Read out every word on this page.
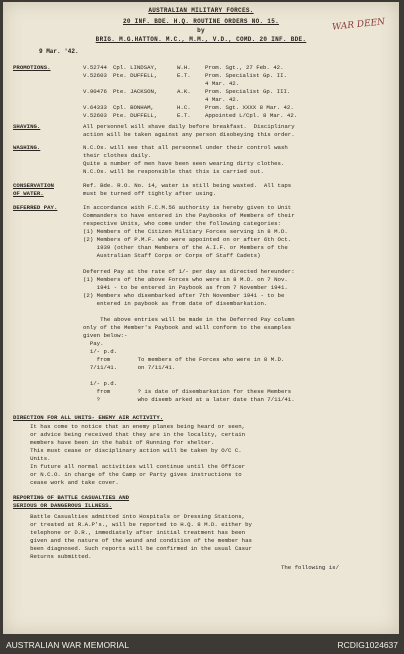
WAR DEEN
AUSTRALIAN MILITARY FORCES.
20 INF. BDE. H.Q. ROUTINE ORDERS NO. 15.
by
BRIG. M.G.HATTON. M.C., M.M., V.D., COMD. 20 INF. BDE.
9 Mar. '42.
PROMOTIONS.	V.52744 Cpl. LINDSAY,	W.H.	Prom. Sgt., 27 Feb. 42.
V.52603 Pte. DUFFELL,	E.T.	Prom. Specialist Gp. II.
4 Mar. 42.
V.90476 Pte. JACKSON,	A.K.	Prom. Specialist Gp. III.
4 Mar. 42.
V.64333 Cpl. BONHAM,	H.C.	Prom. Sgt. XXXX 8 Mar. 42.
V.52603 Pte. DUFFELL,	E.T.	Appointed L/Cpl. 8 Mar. 42.
SHAVING.	All personnel will shave daily before breakfast.  Disciplinary
action will be taken against any person disobeying this order.
WASHING.	N.C.Os. will see that all personnel under their control wash
their clothes daily.
Quite a number of men have been seen wearing dirty clothes.
N.C.Os. will be responsible that this is carried out.
CONSERVATION
OF WATER.
Ref. Bde. R.O. No. 14, water is still being wasted.  All taps
must be turned off tightly after using.
DEFERRED PAY.	In accordance with F.C.M.56 authority is hereby given to Unit
Commanders to have entered in the Paybooks of Members of their
respective Units, who come under the following categories:
(1) Members of the Citizen Military Forces serving in 8 M.D.
(2) Members of P.M.F. who were appointed on or after 6th Oct.
1939 (other than Members of the A.I.F. or Members of the
Australian Staff Corps or Corps of Staff Cadets)
Deferred Pay at the rate of 1/- per day as directed hereunder:
(1) Members of the above Forces who were in 8 M.D. on 7 Nov.
1941 - to be entered in Paybook as from 7 November 1941.
(2) Members who disembarked after 7th November 1941 - to be
entered in paybook as from date of disembarkation.
The above entries will be made in the Deferred Pay column
only of the Member's Paybook and will conform to the examples
given below:-
Pay.
1/- p.d.
from        To members of the Forces who were in 8 M.D.
7/11/41.      on 7/11/41.
1/- p.d.
from        ? is date of disembarkation for these Members
?           who disemb arked at a later date than 7/11/41.
DIRECTION FOR ALL UNITS- ENEMY AIR ACTIVITY.
It has come to notice that an enemy planes being heard or seen,
or advice being received that they are in the locality, certain
members have been in the habit of Running for shelter.
This must cease or disciplinary action will be taken by O/C C.
Units.
In future all normal activities will continue until the Officer
or N.C.O. in charge of the Camp or Party gives instructions to
cease work and take cover.
REPORTING OF BATTLE CASUALTIES AND
SERIOUS OR DANGEROUS ILLNESS.
Battle Casualties admitted into Hospitals or Dressing Stations,
or treated at R.A.P's., will be reported to H.Q. 8 M.D. either by
telephone or D.R., immediately after initial treatment has been
given and the nature of the wound and condition of the member has
been diagnosed. Such reports will be confirmed in the usual Casur
Returns submitted.
The following is/
AUSTRALIAN WAR MEMORIAL	RCDIG1024637
